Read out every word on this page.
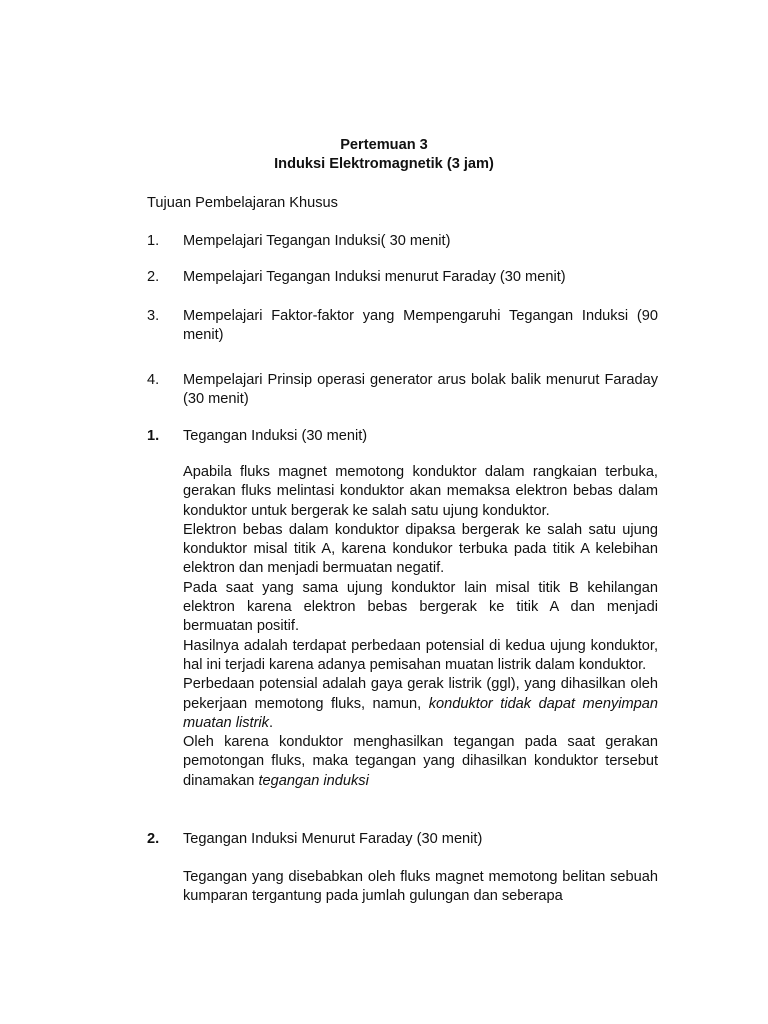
Pertemuan 3
Induksi Elektromagnetik (3 jam)
Tujuan Pembelajaran Khusus
1. Mempelajari Tegangan Induksi( 30 menit)
2. Mempelajari Tegangan Induksi menurut Faraday (30 menit)
3. Mempelajari Faktor-faktor yang Mempengaruhi Tegangan Induksi (90 menit)
4. Mempelajari Prinsip operasi generator arus bolak balik menurut Faraday (30 menit)
1. Tegangan Induksi (30 menit)

Apabila fluks magnet memotong konduktor dalam rangkaian terbuka, gerakan fluks melintasi konduktor akan memaksa elektron bebas dalam konduktor untuk bergerak ke salah satu ujung konduktor.

Elektron bebas dalam konduktor dipaksa bergerak ke salah satu ujung konduktor misal titik A, karena kondukor terbuka pada titik A kelebihan elektron dan menjadi bermuatan negatif.

Pada saat yang sama ujung konduktor lain misal titik B kehilangan elektron karena elektron bebas bergerak ke titik A dan menjadi bermuatan positif.

Hasilnya adalah terdapat perbedaan potensial di kedua ujung konduktor, hal ini terjadi karena adanya pemisahan muatan listrik dalam konduktor.

Perbedaan potensial adalah gaya gerak listrik (ggl), yang dihasilkan oleh pekerjaan memotong fluks, namun, konduktor tidak dapat menyimpan muatan listrik.

Oleh karena konduktor menghasilkan tegangan pada saat gerakan pemotongan fluks, maka tegangan yang dihasilkan konduktor tersebut dinamakan tegangan induksi

2. Tegangan Induksi Menurut Faraday (30 menit)

Tegangan yang disebabkan oleh fluks magnet memotong belitan sebuah kumparan tergantung pada jumlah gulungan dan seberapa
